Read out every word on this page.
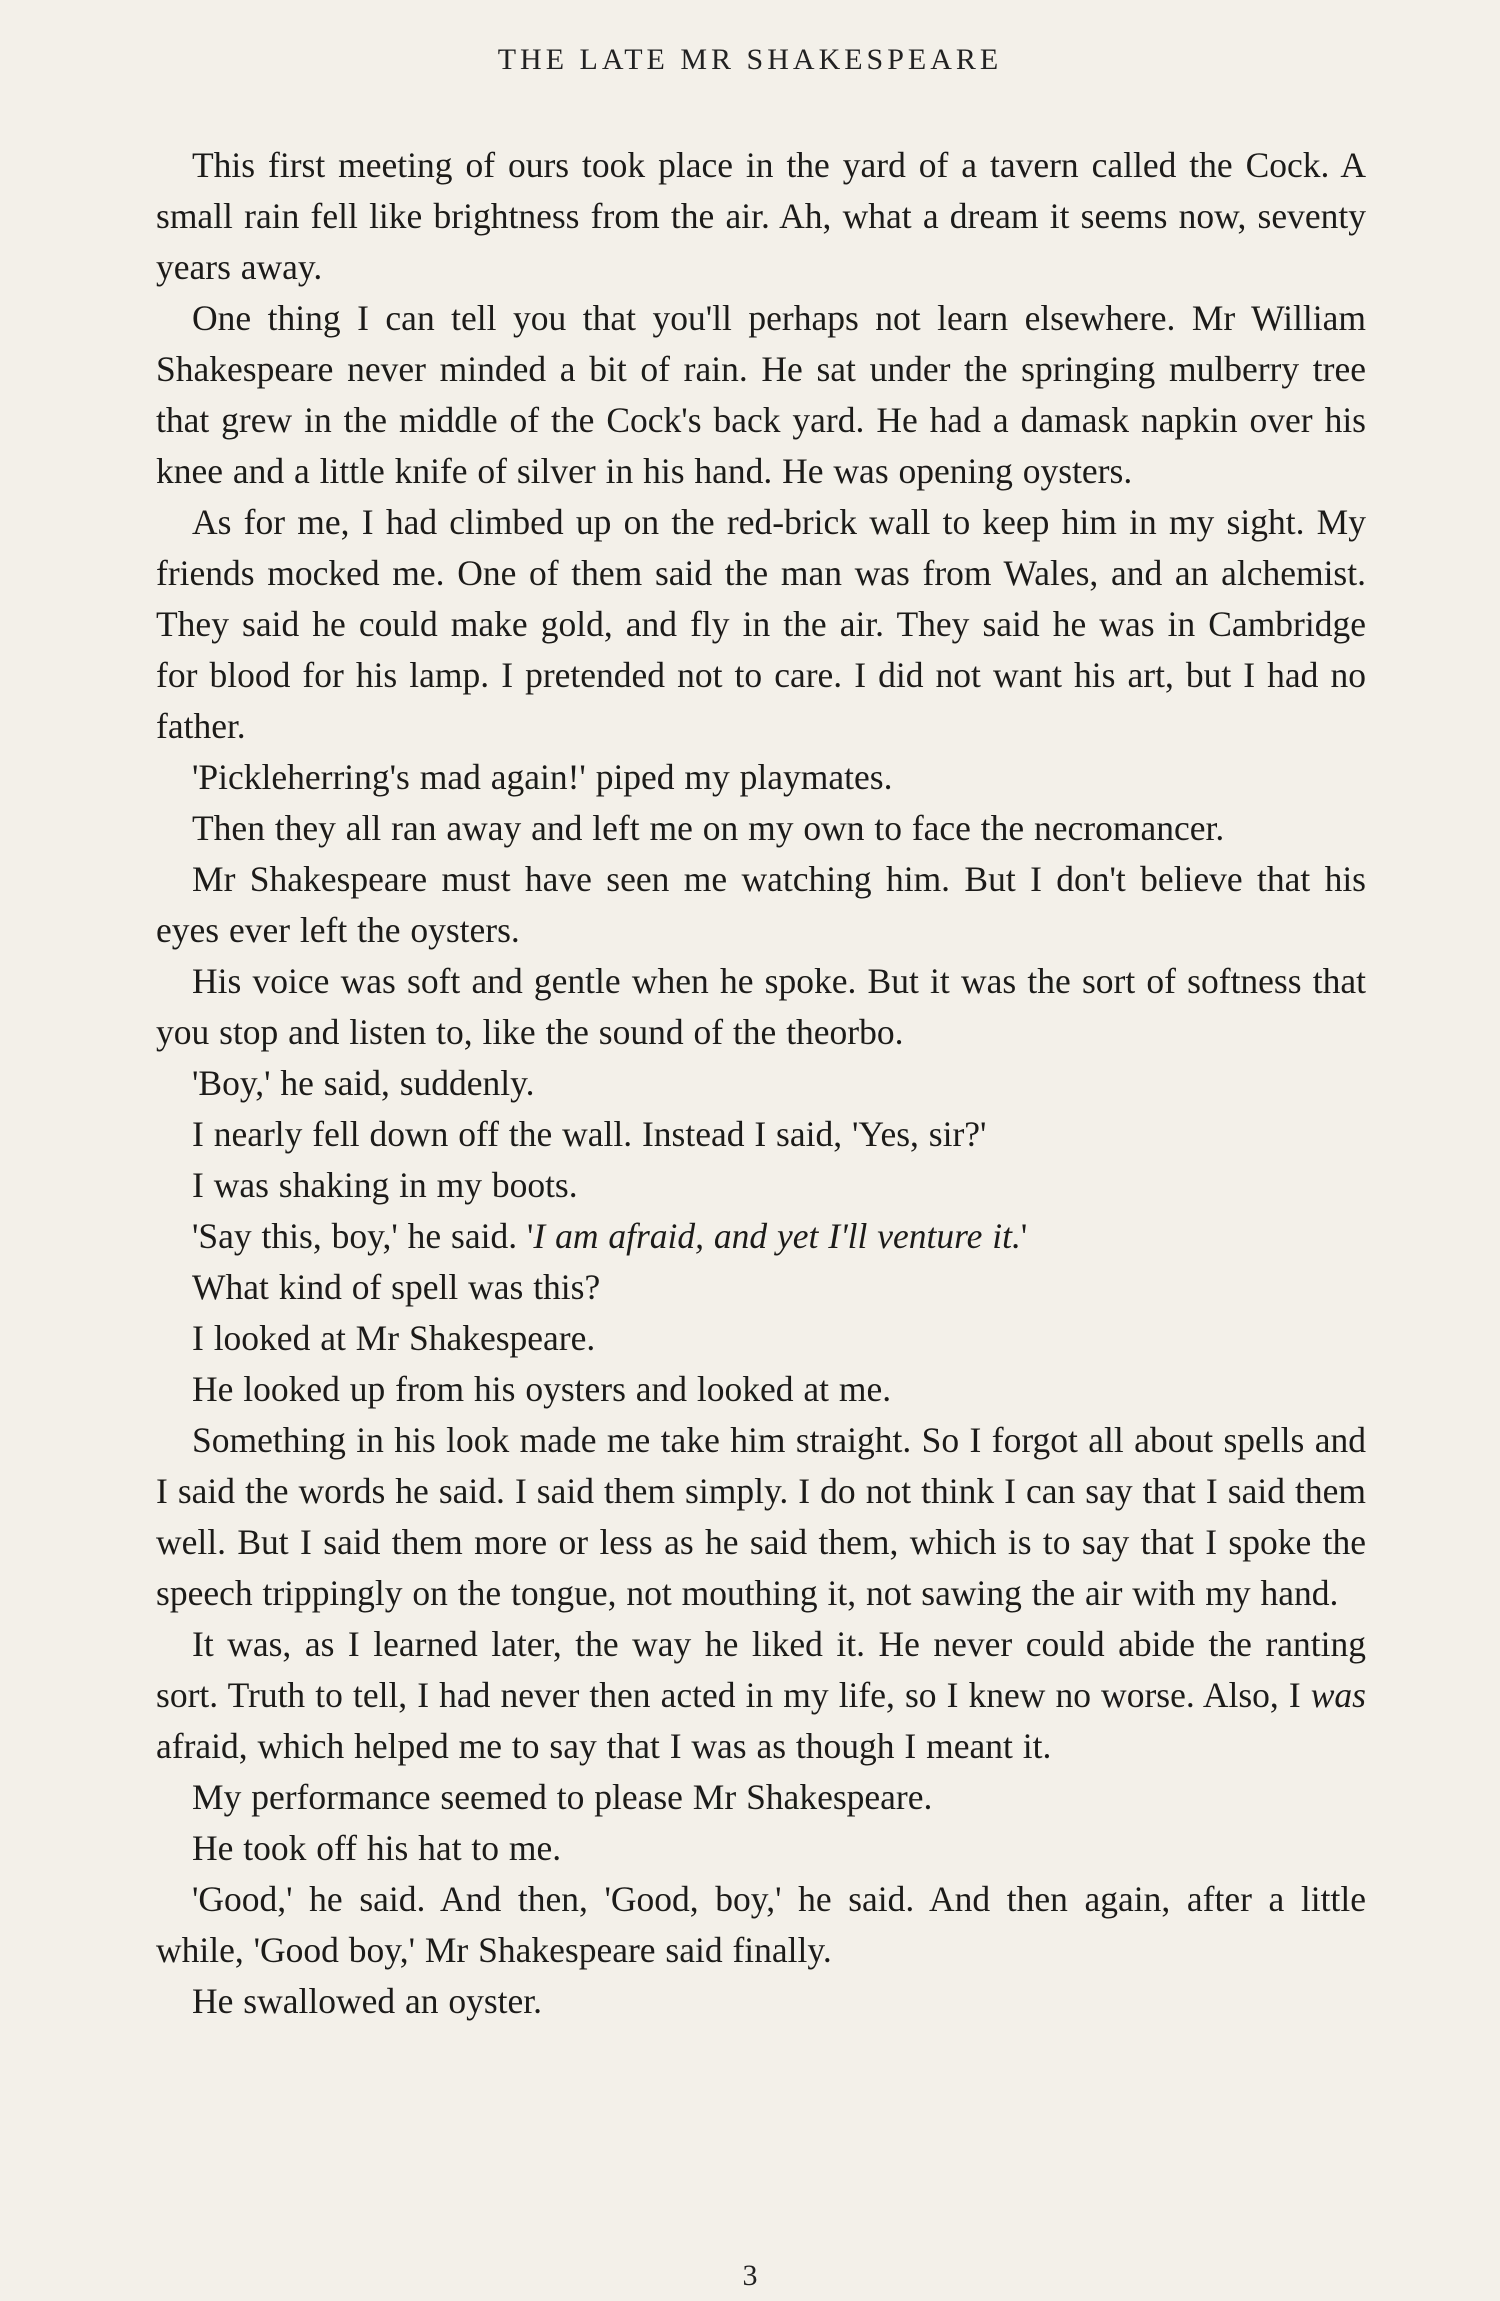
THE LATE MR SHAKESPEARE

This first meeting of ours took place in the yard of a tavern called the Cock. A small rain fell like brightness from the air. Ah, what a dream it seems now, seventy years away.

One thing I can tell you that you'll perhaps not learn elsewhere. Mr William Shakespeare never minded a bit of rain. He sat under the springing mulberry tree that grew in the middle of the Cock's back yard. He had a damask napkin over his knee and a little knife of silver in his hand. He was opening oysters.

As for me, I had climbed up on the red-brick wall to keep him in my sight. My friends mocked me. One of them said the man was from Wales, and an alchemist. They said he could make gold, and fly in the air. They said he was in Cambridge for blood for his lamp. I pretended not to care. I did not want his art, but I had no father.

'Pickleherring's mad again!' piped my playmates.

Then they all ran away and left me on my own to face the necromancer.

Mr Shakespeare must have seen me watching him. But I don't believe that his eyes ever left the oysters.

His voice was soft and gentle when he spoke. But it was the sort of softness that you stop and listen to, like the sound of the theorbo.

'Boy,' he said, suddenly.

I nearly fell down off the wall. Instead I said, 'Yes, sir?'

I was shaking in my boots.

'Say this, boy,' he said. 'I am afraid, and yet I'll venture it.'

What kind of spell was this?

I looked at Mr Shakespeare.

He looked up from his oysters and looked at me.

Something in his look made me take him straight. So I forgot all about spells and I said the words he said. I said them simply. I do not think I can say that I said them well. But I said them more or less as he said them, which is to say that I spoke the speech trippingly on the tongue, not mouthing it, not sawing the air with my hand.

It was, as I learned later, the way he liked it. He never could abide the ranting sort. Truth to tell, I had never then acted in my life, so I knew no worse. Also, I was afraid, which helped me to say that I was as though I meant it.

My performance seemed to please Mr Shakespeare.

He took off his hat to me.

'Good,' he said. And then, 'Good, boy,' he said. And then again, after a little while, 'Good boy,' Mr Shakespeare said finally.

He swallowed an oyster.

3
